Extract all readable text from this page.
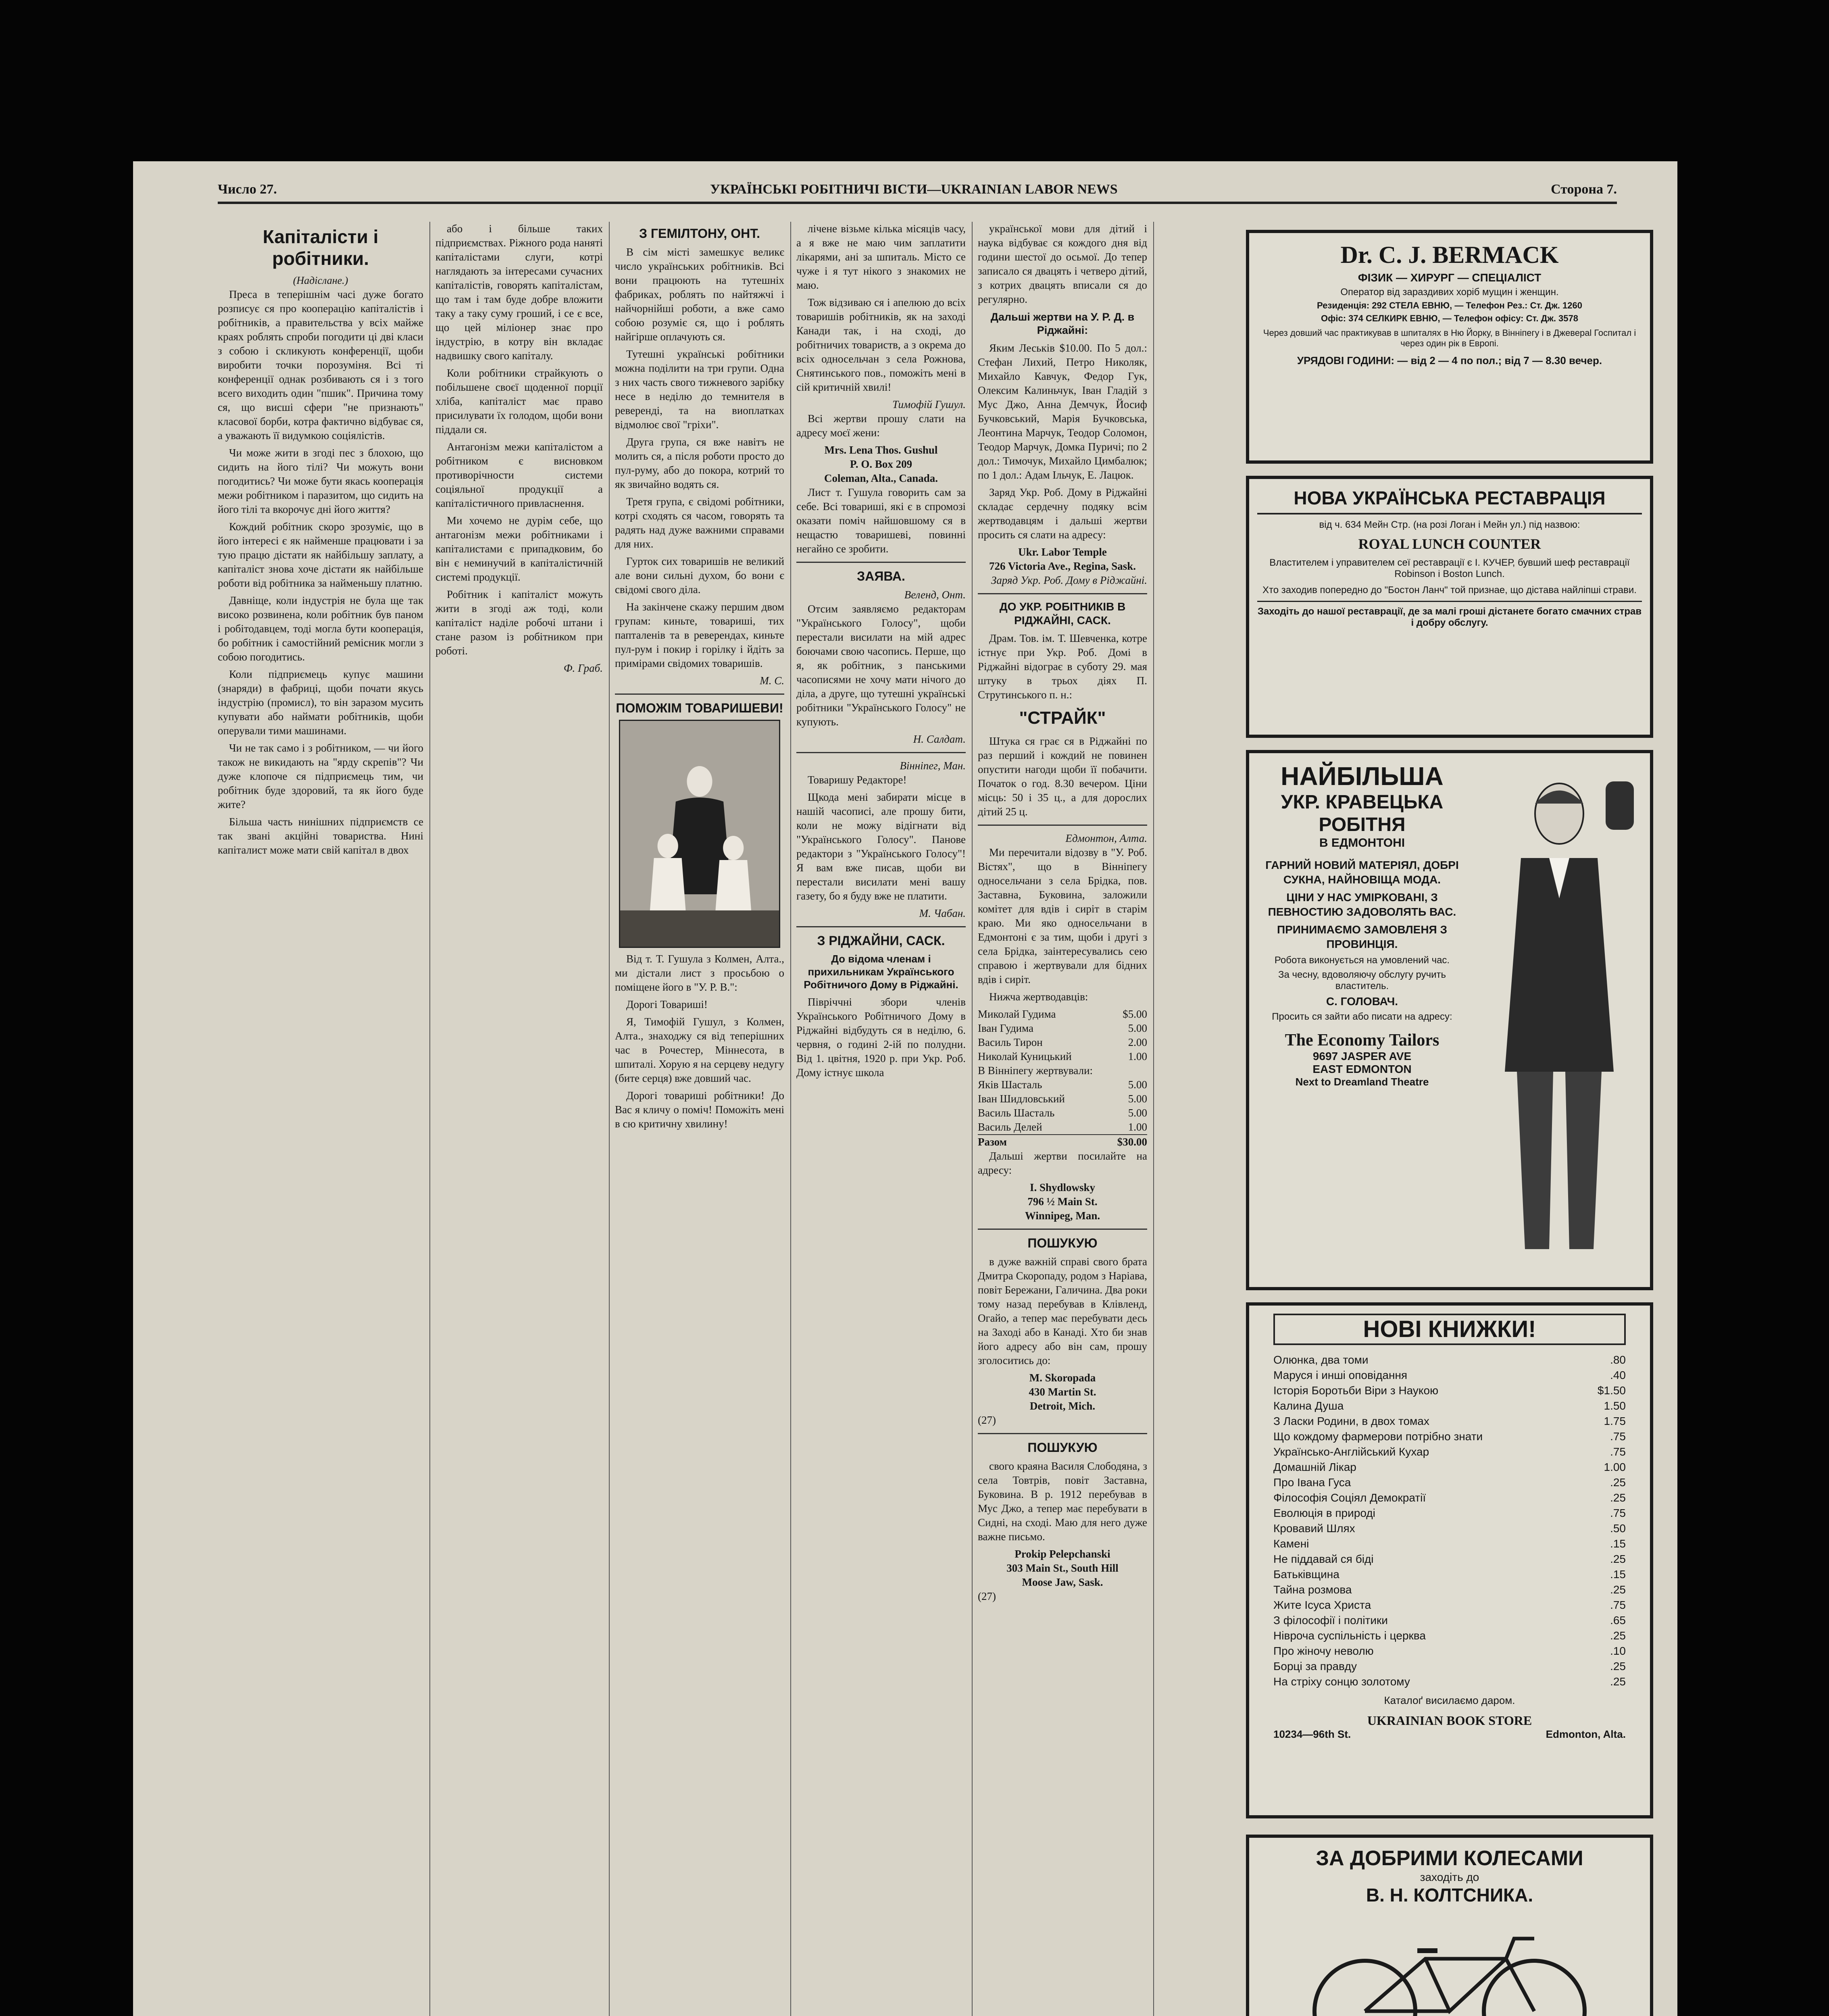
Число 27.	УКРАЇНСЬКІ РОБІТНИЧІ ВІСТИ—UKRAINIAN LABOR NEWS	Сторона 7.
Капіталісти і робітники.
(Надіслане.)

Преса в теперішнім часі дуже богато розписує ся про кооперацію капіталістів і робітників, а правительства у всіх майже краях роблять спроби погодити ці дві класи з собою і скликують конференції, щоби виробити точки порозуміня. Всі ті конференції однак розбивають ся і з того всего виходить один "пшик". Причина тому ся, що висші сфери "не признають" класової борби, котра фактично відбуває ся, а уважають її видумкою соціялістів.

Чи може жити в згоді пес з блохою, що сидить на його тілі? Чи можуть вони погодитись? Чи може бути якась кооперація межи робітником і паразитом, що сидить на його тілі та вкорочує дні його життя?

Кождий робітник скоро зрозуміє, що в його інтересі є як найменше працювати і за тую працю дістати як найбільшу заплату, а капіталіст знова хоче дістати як найбільше роботи від робітника за найменьшу платню.

Давніще, коли індустрія не була ще так високо розвинена, коли робітник був паном і робітодавцем, тоді могла бути кооперація, бо робітник і самостійний ремісник могли з собою погодитись.

Коли підприємець купує машини (знаряди) в фабриці, щоби почати якусь індустрію (промисл), то він заразом мусить купувати або наймати робітників, щоби оперували тими машинами.

Чи не так само і з робітником, — чи його також не викидають на "ярду скрепів"? Чи дуже клопоче ся підприємець тим, чи робітник буде здоровий, та як його буде жите?

Більша часть нинішних підприємств се так звані акційні товариства. Нині капіталист може мати свій капітал в двох

або і більше таких підприємствах. Ріжного рода наняті капіталістами слуги, котрі наглядають за інтересами сучасних капіталістів, говорять капіталістам, що там і там буде добре вложити таку а таку суму гроший, і се є все, що цей міліонер знає про індустрію, в котру він вкладає надвишку свого капіталу.

Коли робітники страйкують о побільшене своєї щоденної порції хліба, капіталіст має право присилувати їх голодом, щоби вони піддали ся.

Антагонізм межи капіталістом а робітником є висновком противорічности системи соціяльної продукції а капіталістичного привласнення.

Ми хочемо не дурім себе, що антагонізм межи робітниками і капіталистами є припадковим, бо він є неминучий в капіталістичній системі продукції.

Робітник і капіталіст можуть жити в згоді аж тоді, коли капіталіст наділе робочі штани і стане разом із робітником при роботі.

Ф. Граб.
З ГЕМІЛТОНУ, ОНТ.

В сім місті замешкує великє число українських робітників. Всі вони працюють на тутешніх фабриках, роблять по найтяжчі і найчорнійші роботи, а вже само собою розуміє ся, що і роблять найгірше оплачують ся.

Тутешні українські робітники можна поділити на три групи. Одна з них часть свого тижневого зарібку несе в неділю до темнителя в реверенді, та на виоплатках відмолює свої "гріхи".

Друга група, ся вже навітъ не молить ся, а після роботи просто до пул-руму, або до покора, котрий то як звичайно водять ся.

Третя група, є свідомі робітники, котрі сходять ся часом, говорять та радять над дуже важними справами для них.

Гурток сих товаришів не великий але вони сильні духом, бо вони є свідомі свого діла.

На закінчене скажу першим двом групам: киньте, товариші, тих папталенів та в реверендах, киньте пул-рум і покир і горілку і йдіть за примірами свідомих товаришів.

М. С.
ПОМОЖІМ ТОВАРИШЕВИ!

Від т. Т. Гушула з Колмен, Алта., ми дістали лист з просьбою о поміщене його в "У. Р. В.":

Дорогі Товариші!

Я, Тимофій Гушул, з Колмен, Алта., знаходжу ся від теперішних час в Рочестер, Міннесота, в шпиталі. Хорую я на серцеву недугу (бите серця) вже довший час.

Дорогі товариші робітники! До Вас я кличу о поміч! Поможіть мені в сю критичну хвилину!

лічене візьме кілька місяців часу, а я вже не маю чим заплатити лікарями, ані за шпиталь. Місто се чуже і я тут нікого з знакомих не маю.

Тож відзиваю ся і апелюю до всіх товаришів робітників, як на заході Канади так, і на сході, до робітничих товариств, а з окрема до всіх односельчан з села Рожнова, Снятинського пов., поможіть мені в сій критичній хвилі!

Тимофій Гушул.

Всі жертви прошу слати на адресу моєї жени:

Mrs. Lena Thos. Gushul
P. O. Box 209
Coleman, Alta., Canada.

Лист т. Гушула говорить сам за себе. Всі товариші, які є в спромозі оказати поміч найшовшому ся в нещастю товаришеві, повинні негайно се зробити.

ЗАЯВА.
Веленд, Онт.

Отсим заявляємо редакторам "Українського Голосу", щоби перестали висилати на мій адрес боючами свою часопись. Перше, що я, як робітник, з панськими часописями не хочу мати нічого до діла, а друге, що тутешні українські робітники "Українського Голосу" не купують.

Н. Салдат.
Вінніпег, Ман.

Товаришу Редакторе!

Щкода мені забирати місце в нашій часописі, але прошу бити, коли не можу відігнати від "Українського Голосу". Панове редактори з "Українського Голосу"! Я вам вже писав, щоби ви перестали висилати мені вашу газету, бо я буду вже не платити.

М. Чабан.
З РІДЖАЙНИ, САСК.
До відома членам і прихильникам Українського Робітничого Дому в Ріджайні.

Півріччні збори членів Українського Робітничого Дому в Ріджайні відбудуть ся в неділю, 6. червня, о годині 2-ій по полудни. Від 1. цвітня, 1920 р. при Укр. Роб. Дому істнує школа

української мови для дітий і наука відбуває ся кождого дня від години шестої до осьмої. До тепер записало ся двацять і четверо дітий, з котрих двацять вписали ся до регулярно.

Дальші жертви на У. Р. Д. в Ріджайні:

Яким Леськів $10.00. По 5 дол.: Стефан Лихий, Петро Николяк, Михайло Кавчук, Федор Гук, Олексим Калиньчук, Іван Гладій з Мус Джо, Анна Демчук, Йосиф Бучковський, Марія Бучковська, Леонтина Марчук, Теодор Соломон, Теодор Марчук, Домка Пуричі; по 2 дол.: Тимочук, Михайло Цимбалюк; по 1 дол.: Адам Ільчук, Е. Лацюк.

Заряд Укр. Роб. Дому в Ріджайні складає сердечну подяку всім жертводавцям і дальші жертви просить ся слати на адресу:

Ukr. Labor Temple
726 Victoria Ave., Regina, Sask.
Заряд Укр. Роб. Дому в Ріджайні.
ДО УКР. РОБІТНИКІВ В РІДЖАЙНІ, САСК.

Драм. Тов. ім. Т. Шевченка, котре істнує при Укр. Роб. Домі в Ріджайні відограє в суботу 29. мая штуку в трьох діях П. Струтинського п. н.:

"СТРАЙК"

Штука ся грає ся в Ріджайні по раз перший і кождий не повинен опустити нагоди щоби її побачити. Початок о год. 8.30 вечером. Ціни місць: 50 і 35 ц., а для дорослих дітий 25 ц.

Едмонтон, Алта.

Ми перечитали відозву в "У. Роб. Вістях", що в Вінніпегу односельчани з села Брідка, пов. Заставна, Буковина, заложили комітет для вдів і сиріт в старім краю. Ми яко односельчани в Едмонтоні є за тим, щоби і другі з села Брідка, заінтересувались сею справою і жертвували для бідних вдів і сиріт.

Нижча жертводавців:

Миколай Гудима	$5.00
Іван Гудима	5.00
Василь Тирон	2.00
Николай Куницький	1.00
В Вінніпегу жертвували:
Яків Шасталь	5.00
Іван Шидловський	5.00
Василь Шасталь	5.00
Василь Делей	1.00
Разом	$30.00

Дальші жертви посилайте на адресу:

I. Shydlowsky
796 ½ Main St.
Winnipeg, Man.
ПОШУКУЮ

в дуже важній справі свого брата Дмитра Скоропаду, родом з Наріава, повіт Бережани, Галичина. Два роки тому назад перебував в Клівленд, Огайо, а тепер має перебувати десь на Заході або в Канаді. Хто би знав його адресу або він сам, прошу зголоситись до:

M. Skoropada
430 Martin St.
Detroit, Mich.
(27)
ПОШУКУЮ

свого краяна Василя Слободяна, з села Товтрів, повіт Заставна, Буковина. В р. 1912 перебував в Мус Джо, а тепер має перебувати в Сидні, на сході. Маю для него дуже важне письмо.

Prokip Pelepchanski
303 Main St., South Hill
Moose Jaw, Sask.
(27)
Dr. C. J. BERMACK
ФІЗИК — ХИРУРГ — СПЕЦІАЛІСТ
Оператор від зараздивих хорiб мущин і женщин.
Резиденція: 292 СТЕЛА ЕВНЮ, — Телефон Рез.: Ст. Дж. 1260
Офіс: 374 СЕЛКИРК ЕВНЮ, — Телефон офісу: Ст. Дж. 3578
Через довший час практикував в шпиталях в Ню Йорку, в Вінніпегу і в Джевераl Госпитал і через один рік в Европі.
УРЯДОВІ ГОДИНИ: — від 2 — 4 по пол.; від 7 — 8.30 вечер.
НОВА УКРАЇНСЬКА РЕСТАВРАЦІЯ
від ч. 634 Мейн Стр. (на розі Логан і Мейн ул.) під назвою:
ROYAL LUNCH COUNTER
Властителем і управителем сеї реставрації є І. КУЧЕР, бувший шеф реставрації Robinson і Boston Lunch.
Хто заходив попередно до "Бостон Ланч" той признае, що дістава найліпші страви.
Заходіть до нашої реставрації, де за малі гроші дістанете богато смачних страв і добру обслугу.
НАЙБІЛЬША
УКР. КРАВЕЦЬКА РОБІТНЯ
В ЕДМОНТОНІ
ГАРНИЙ НОВИЙ МАТЕРІЯЛ, ДОБРІ СУКНА, НАЙНОВІЩА МОДА.
ЦІНИ У НАС УМІРКОВАНІ, З ПЕВНОСТИЮ ЗАДОВОЛЯТЬ ВАС.
ПРИНИМАЄМО ЗАМОВЛЕНЯ З ПРОВИНЦІЯ.
Робота виконується на умовлений час.
За чесну, вдоволяючу обслугу ручить властитель.
С. ГОЛОВАЧ.
Просить ся зайти або писати на адресу:
The Economy Tailors
9697 JASPER AVE
EAST EDMONTON
Next to Dreamland Theatre
НОВІ КНИЖКИ!
Олюнка, два томи	.80
Маруся і инші оповідання	.40
Історія Боротьби Віри з Наукою	$1.50
Калина Душа	1.50
З Ласки Родини, в двох томах	1.75
Що кождому фармерови потрібно знати	.75
Українсько-Англійський Кухар	.75
Домашній Лікар	1.00
Про Івана Гуса	.25
Філософія Соціял Демократії	.25
Еволюція в природі	.75
Кровавий Шлях	.50
Камені	.15
Не піддавай ся бідi	.25
Батьківщина	.15
Тайна розмова	.25
Жите Ісуса Христа	.75
З філософії і політики	.65
Нівроча суспільність і церква	.25
Про жіночу неволю	.10
Борці за правду	.25
На стріху сонцю золотому	.25
Каталоґ висилаємо даром.
UKRAINIAN BOOK STORE
10234—96th St.	Edmonton, Alta.
ЗА ДОБРИМИ КОЛЕСАМИ
заходіть до
В. Н. КОЛТСНИКА.
